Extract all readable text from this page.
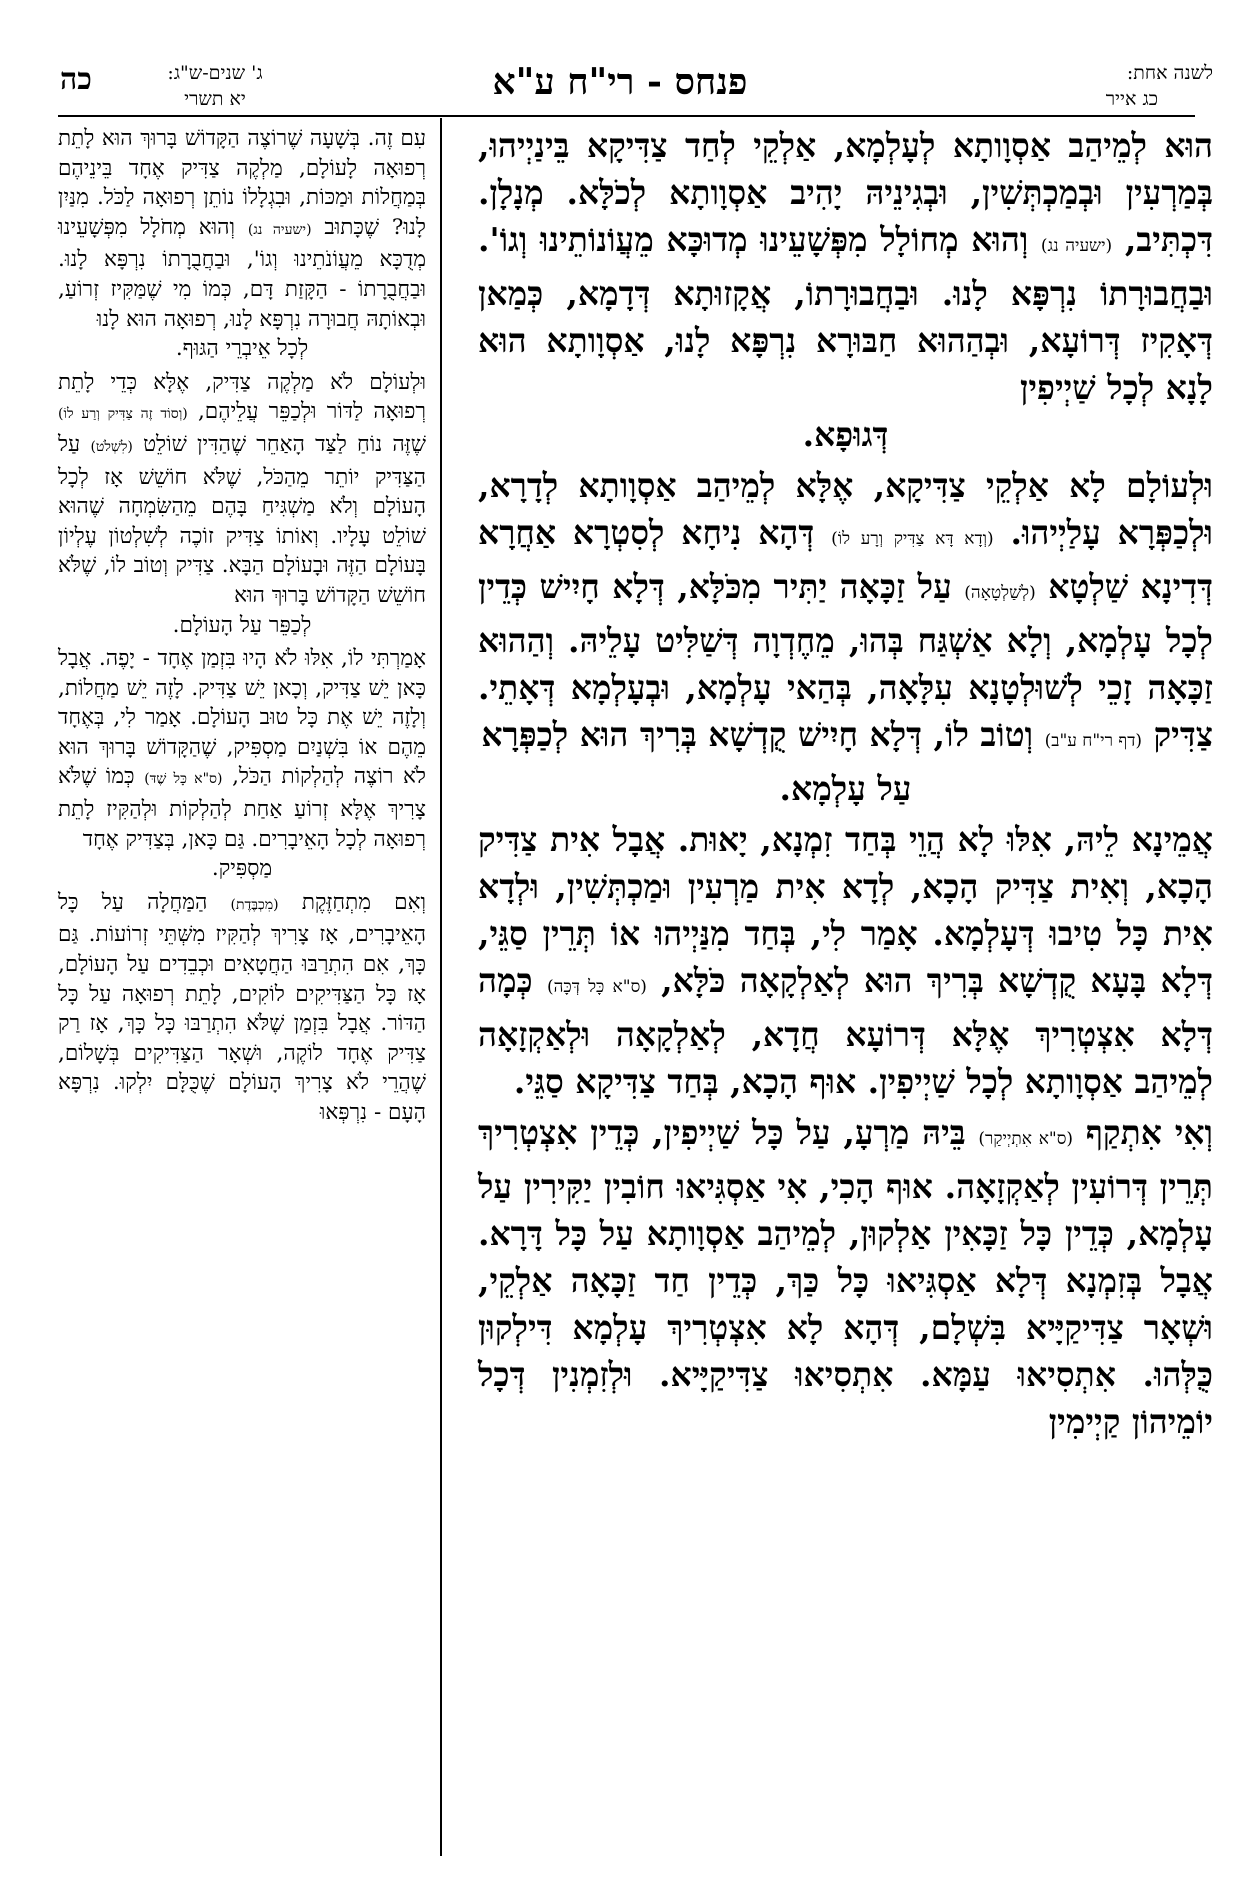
לשנה אחת:
כג אייר
פנחס - רי"ח ע"א
ג' שנים-ש"ג:
יא תשרי
כה

הוּא לְמֵיהַב אַסְוָותָא לְעָלְמָא, אַלְקֵי לְחַד צַדִּיקָא בֵּינַיְיהוּ, בְּמַרְעִין וּבְמַכְתְּשִׁין, וּבְגִינֵיהּ יָהִיב אַסְוָותָא לְכֹלָּא. מְנָלָן. דִּכְתִּיב, (ישעיה נג) וְהוּא מְחוֹלָל מִפְּשָׁעֵינוּ מְדוּכָּא מֵעֲוֹנוֹתֵינוּ וְגוֹ'. וּבַחֲבוּרָתוֹ נִרְפָּא לָנוּ. וּבַחֲבוּרָתוֹ, אֲקָזוּתָא דְּדָמָא, כְּמַאן דְּאָקִיז דְּרוֹעָא, וּבְהַהוּא חַבּוּרָא נִרְפָּא לָנוּ, אַסְוָותָא הוּא לָנָא לְכָל שַׁיְיפִין
דְּגוּפָא.

וּלְעוֹלָם לָא אַלְקֵי צַדִּיקָא, אֶלָּא לְמֵיהַב אַסְוָותָא לְדָרָא, וּלְכַפְּרָא עָלַיְיהוּ. (וְדָא דָּא צַדִּיק וְרָע לוֹ) דְּהָא נִיחָא לְסִטְרָא אַחֲרָא דְּדִינָא שַׁלְטָא (לְשַׁלְטָאָה) עַל זַכָּאָה יַתִּיר מִכֹּלָּא, דְּלָא חָיִישׁ כְּדֵין לְכָל עָלְמָא, וְלָא אַשְׁגַּח בְּהוּ, מֵחֶדְוָה דְּשַׁלִּיט עָלֵיהּ. וְהַהוּא זַכָּאָה זָכֵי לְשׁוּלְטָנָא עִלָּאָה, בְּהַאי עָלְמָא, וּבְעָלְמָא דְּאָתֵי. צַדִּיק (דף רי"ח ע"ב) וְטוֹב לוֹ, דְּלָא חָיִישׁ קֻדְשָׁא בְּרִיךְ הוּא לְכַפְּרָא
עַל עָלְמָא.

אֲמֵינָא לֵיהּ, אִלּוּ לָא הֲוֵי בְּחַד זִמְנָא, יָאוּת. אֲבָל אִית צַדִּיק הָכָא, וְאִית צַדִּיק הָכָא, לְדָא אִית מַרְעִין וּמַכְתְּשִׁין, וּלְדָא אִית כָּל טִיבוּ דְּעָלְמָא. אָמַר לִי, בְּחַד מִנַּיְיהוּ אוֹ תְּרֵין סַגֵּי, דְּלָא בָּעָא קֻדְשָׁא בְּרִיךְ הוּא לְאַלְקָאָה כֹּלָּא, (ס"א כָּל דְּכָּה) כְּמָה דְּלָא אִצְטְרִיךְ אֶלָּא דְּרוֹעָא חֲדָא, לְאַלְקָאָה וּלְאַקְזָאָה לְמֵיהַב אַסְוָותָא לְכָל שַׁיְיפִין. אוּף הָכָא, בְּחַד צַדִּיקָא סַגֵּי.

וְאִי אִתְקַף (ס"א אִתְיְיקַר) בֵּיהּ מַרְעָ, עַל כָּל שַׁיְיפִין, כְּדֵין אִצְטְרִיךְ תְּרֵין דְּרוֹעִין לְאַקְזָאָה. אוּף הָכִי, אִי אַסְגִּיאוּ חוֹבִין יַקִּירִין עַל עָלְמָא, כְּדֵין כָּל זַכָּאִין אַלְקוּן, לְמֵיהַב אַסְוָותָא עַל כָּל דָּרָא. אֲבָל בְּזִמְנָא דְּלָא אַסְגִּיאוּ כָּל כַּךְ, כְּדֵין חַד זַכָּאָה אַלְקֵי, וּשְׁאָר צַדִּיקַיָּיא בִּשְׁלָם, דְּהָא לָא אִצְטְרִיךְ עָלְמָא דִּילְקוּן כֻּלְּהוּ. אִתְסִיאוּ עַמָּא. אִתְסִיאוּ צַדִּיקַיָּיא. וּלְזִמְנִין דְּכָל יוֹמֵיהוֹן קַיְימִין

עִם זֶה. בְּשָׁעָה שֶׁרוֹצֶה הַקָּדוֹשׁ בָּרוּךְ הוּא לָתֵת רְפוּאָה לָעוֹלָם, מַלְקֶה צַדִּיק אֶחָד בֵּינֵיהֶם בְּמַחֲלוֹת וּמַכּוֹת, וּבִגְלָלוֹ נוֹתֵן רְפוּאָה לַכֹּל. מִנַּיִן לָנוּ? שֶׁכָּתוּב (ישעיה נג) וְהוּא מְחֹלָל מִפְּשָׁעֵינוּ מְדֻכָּא מֵעֲוֹנֹתֵינוּ וְגוֹ', וּבַחֲבֻרָתוֹ נִרְפָּא לָנוּ. וּבַחֲבֻרָתוֹ - הַקָּזַת דָּם, כְּמוֹ מִי שֶׁמַּקִּיז זְרוֹעַ, וּבְאוֹתָהּ חֲבוּרָה נִרְפָּא לָנוּ, רְפוּאָה הוּא לָנוּ
לְכָל אֵיבְרֵי הַגּוּף.

וּלְעוֹלָם לֹא מַלְקֶה צַדִּיק, אֶלָּא כְּדֵי לָתֵת רְפוּאָה לַדּוֹר וּלְכַפֵּר עֲלֵיהֶם, (וְסוֹד זֶה צַדִּיק וְרַע לוֹ) שֶׁזֶּה נוֹחַ לַצַּד הָאַחֵר שֶׁהַדִּין שׁוֹלֵט (לִשְׁלֹט) עַל הַצַּדִּיק יוֹתֵר מֵהַכֹּל, שֶׁלֹּא חוֹשֵׁשׁ אָז לְכָל הָעוֹלָם וְלֹא מַשְׁגִּיחַ בָּהֶם מֵהַשִּׂמְחָה שֶׁהוּא שׁוֹלֵט עָלָיו. וְאוֹתוֹ צַדִּיק זוֹכֶה לְשִׁלְטוֹן עֶלְיוֹן בָּעוֹלָם הַזֶּה וּבָעוֹלָם הַבָּא. צַדִּיק וְטוֹב לוֹ, שֶׁלֹּא חוֹשֵׁשׁ הַקָּדוֹשׁ בָּרוּךְ הוּא
לְכַפֵּר עַל הָעוֹלָם.

אָמַרְתִּי לוֹ, אִלּוּ לֹא הָיוּ בִּזְמַן אֶחָד - יָפֶה. אֲבָל כָּאן יֵשׁ צַדִּיק, וְכָאן יֵשׁ צַדִּיק. לָזֶה יֵשׁ מַחֲלוֹת, וְלָזֶה יֵשׁ אֶת כָּל טוּב הָעוֹלָם. אָמַר לִי, בְּאֶחָד מֵהֶם אוֹ בִּשְׁנַיִם מַסְפִּיק, שֶׁהַקָּדוֹשׁ בָּרוּךְ הוּא לֹא רוֹצֶה לְהַלְקוֹת הַכֹּל, (ס"א כָּל שֶׁדּ) כְּמוֹ שֶׁלֹּא צָרִיךְ אֶלָּא זְרוֹעַ אַחַת לְהַלְקוֹת וּלְהַקִּיז לָתֵת רְפוּאָה לְכָל הָאֵיבָרִים. גַּם כָּאן, בְּצַדִּיק אֶחָד
מַסְפִּיק.

וְאִם מִתְחַזֶּקֶת (מִכְבֶּדֶת) הַמַּחֲלָה עַל כָּל הָאֵיבָרִים, אָז צָרִיךְ לְהַקִּיז מִשְּׁתֵּי זְרוֹעוֹת. גַּם כָּךְ, אִם הִתְרַבּוּ הַחֲטָאִים וּכְבֵדִים עַל הָעוֹלָם, אָז כָּל הַצַּדִּיקִים לוֹקִים, לָתֵת רְפוּאָה עַל כָּל הַדּוֹר. אֲבָל בִּזְמַן שֶׁלֹּא הִתְרַבּוּ כָּל כָּךְ, אָז רַק צַדִּיק אֶחָד לוֹקֶה, וּשְׁאָר הַצַּדִּיקִים בְּשָׁלוֹם, שֶׁהֲרֵי לֹא צָרִיךְ הָעוֹלָם שֶׁכֻּלָּם יִלְקוּ. נִרְפָּא הָעָם - נִרְפְּאוּ
